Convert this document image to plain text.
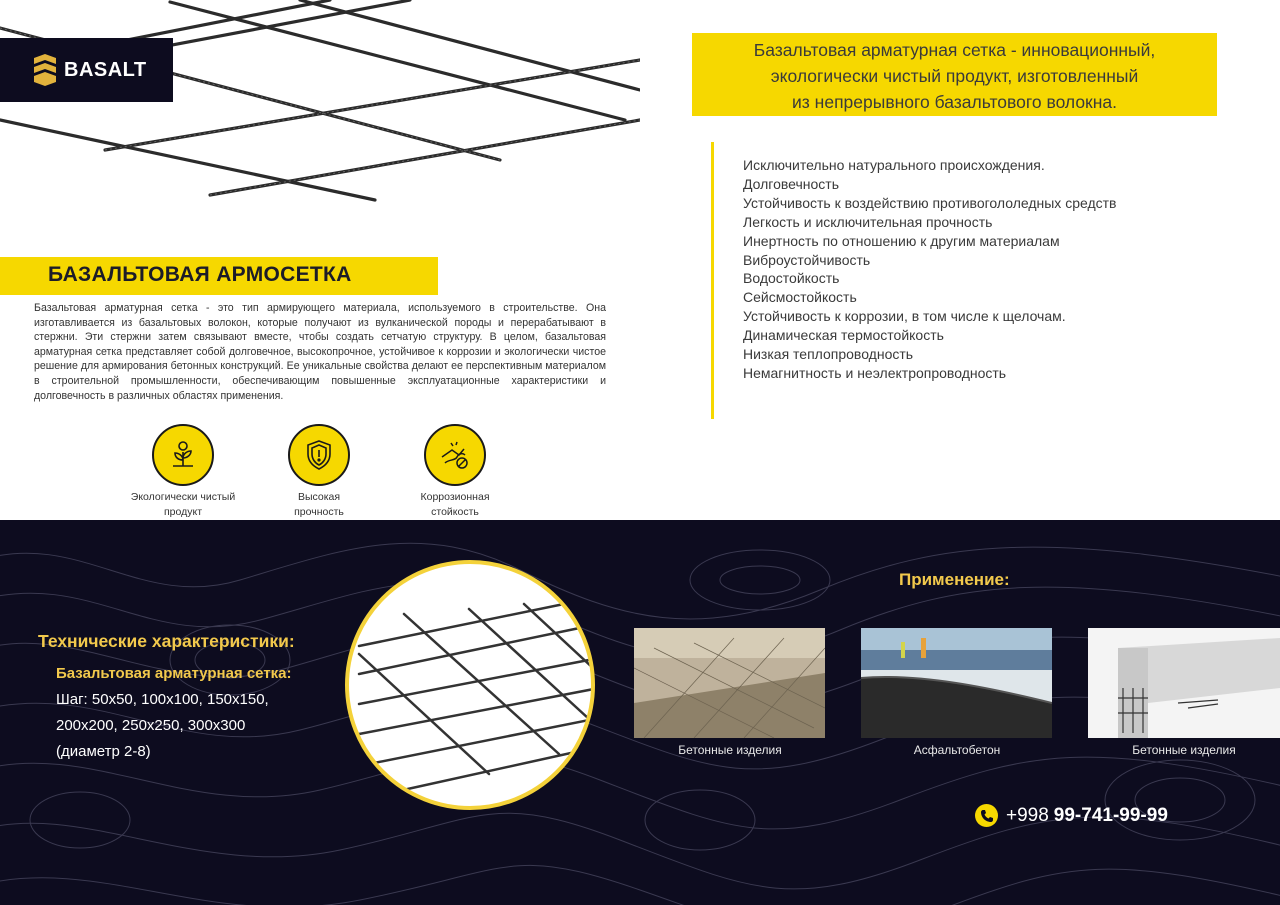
BASALT
БАЗАЛЬТОВАЯ АРМОСЕТКА
Базальтовая арматурная сетка - это тип армирующего материала, используемого в строительстве. Она изготавливается из базальтовых волокон, которые получают из вулканической породы и перерабатывают в стержни. Эти стержни затем связывают вместе, чтобы создать сетчатую структуру. В целом, базальтовая арматурная сетка представляет собой долговечное, высокопрочное, устойчивое к коррозии и экологически чистое решение для армирования бетонных конструкций. Ее уникальные свойства делают ее перспективным материалом в строительной промышленности, обеспечивающим повышенные эксплуатационные характеристики и долговечность в различных областях применения.
Экологически чистый
продукт
Высокая
прочность
Коррозионная
стойкость
Базальтовая арматурная сетка - инновационный,
экологически чистый продукт, изготовленный
из непрерывного базальтового волокна.
Исключительно натурального происхождения.
Долговечность
Устойчивость к воздействию противогололедных средств
Легкость и исключительная прочность
Инертность по отношению к другим материалам
Виброустойчивость
Водостойкость
Сейсмостойкость
Устойчивость к коррозии, в том числе к щелочам.
Динамическая термостойкость
Низкая теплопроводность
Немагнитность и неэлектропроводность
Технические характеристики:
Базальтовая арматурная сетка:
Шаг: 50х50, 100х100, 150х150,
200х200, 250х250, 300х300
(диаметр 2-8)
Применение:
Бетонные изделия	Асфальтобетон	Бетонные изделия
+998 99-741-99-99
